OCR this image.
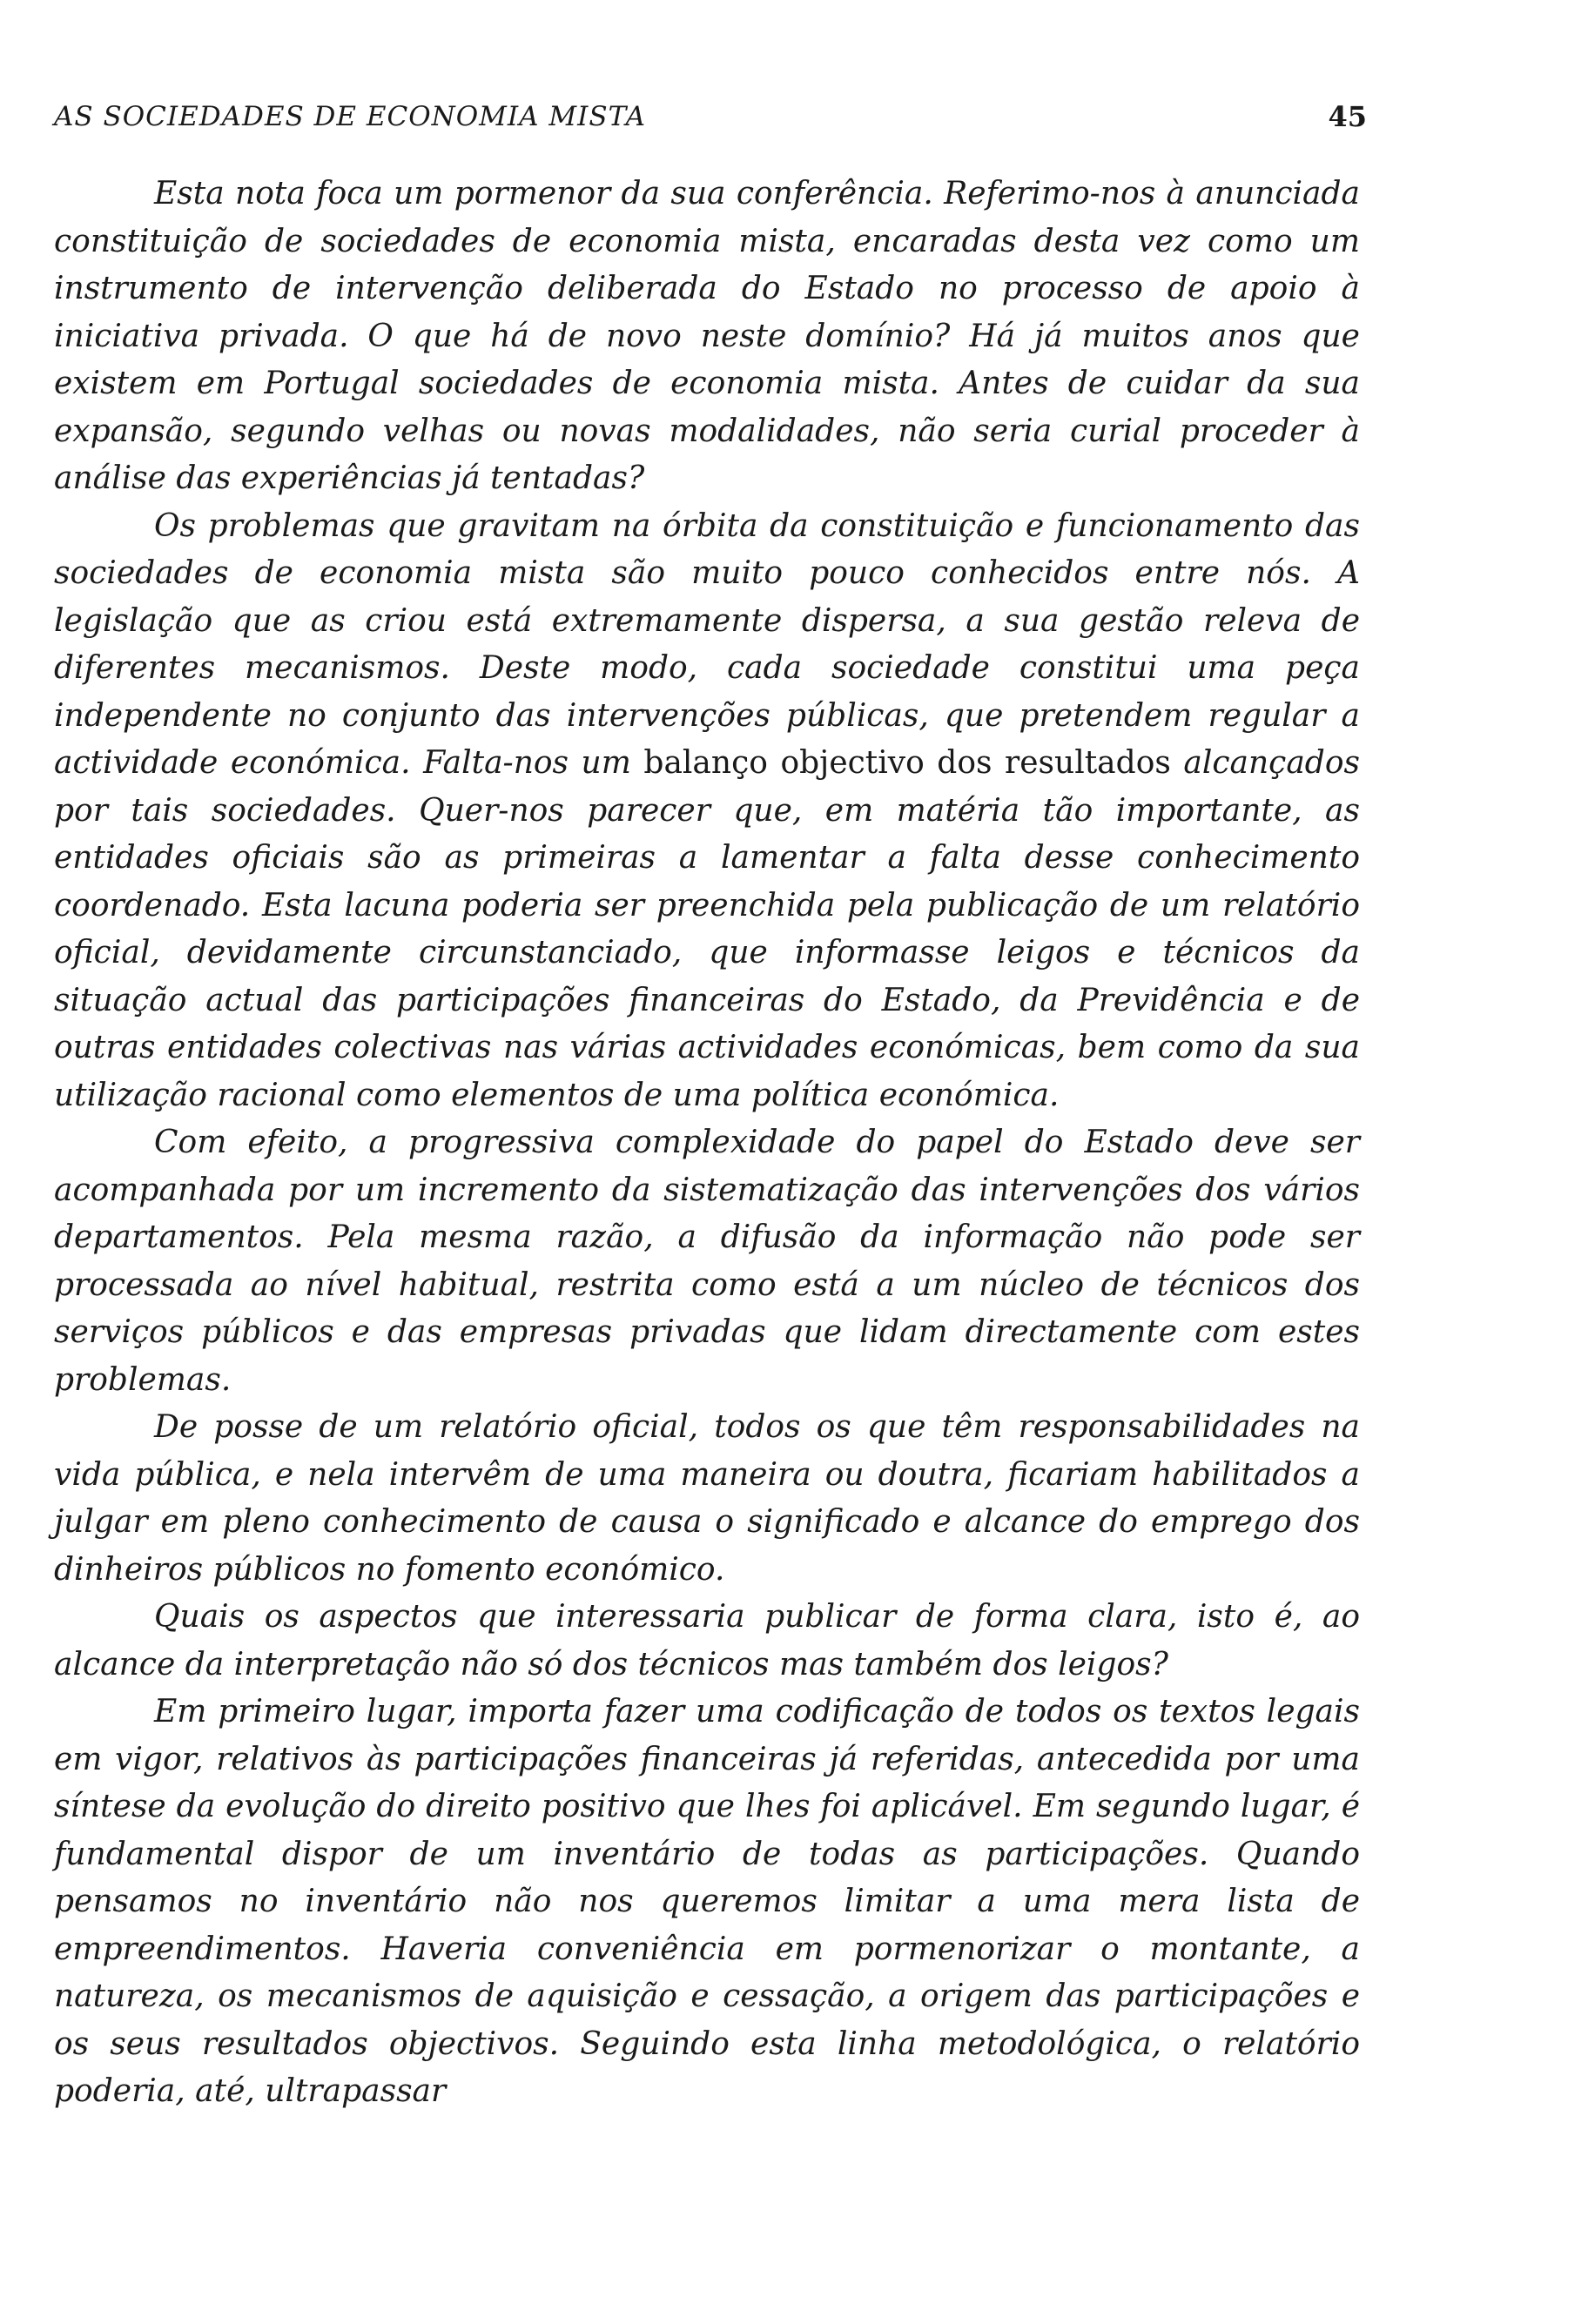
AS SOCIEDADES DE ECONOMIA MISTA	45

Esta nota foca um pormenor da sua conferência. Referimo-nos à anunciada constituição de sociedades de economia mista, encaradas desta vez como um instrumento de intervenção deliberada do Estado no processo de apoio à iniciativa privada. O que há de novo neste domínio? Há já muitos anos que existem em Portugal sociedades de economia mista. Antes de cuidar da sua expansão, segundo velhas ou novas modalidades, não seria curial proceder à análise das experiências já tentadas?

Os problemas que gravitam na órbita da constituição e funcionamento das sociedades de economia mista são muito pouco conhecidos entre nós. A legislação que as criou está extremamente dispersa, a sua gestão releva de diferentes mecanismos. Deste modo, cada sociedade constitui uma peça independente no conjunto das intervenções públicas, que pretendem regular a actividade económica. Falta-nos um balanço objectivo dos resultados alcançados por tais sociedades. Quer-nos parecer que, em matéria tão importante, as entidades oficiais são as primeiras a lamentar a falta desse conhecimento coordenado. Esta lacuna poderia ser preenchida pela publicação de um relatório oficial, devidamente circunstanciado, que informasse leigos e técnicos da situação actual das participações financeiras do Estado, da Previdência e de outras entidades colectivas nas várias actividades económicas, bem como da sua utilização racional como elementos de uma política económica.

Com efeito, a progressiva complexidade do papel do Estado deve ser acompanhada por um incremento da sistematização das intervenções dos vários departamentos. Pela mesma razão, a difusão da informação não pode ser processada ao nível habitual, restrita como está a um núcleo de técnicos dos serviços públicos e das empresas privadas que lidam directamente com estes problemas.

De posse de um relatório oficial, todos os que têm responsabilidades na vida pública, e nela intervêm de uma maneira ou doutra, ficariam habilitados a julgar em pleno conhecimento de causa o significado e alcance do emprego dos dinheiros públicos no fomento económico.

Quais os aspectos que interessaria publicar de forma clara, isto é, ao alcance da interpretação não só dos técnicos mas também dos leigos?

Em primeiro lugar, importa fazer uma codificação de todos os textos legais em vigor, relativos às participações financeiras já referidas, antecedida por uma síntese da evolução do direito positivo que lhes foi aplicável. Em segundo lugar, é fundamental dispor de um inventário de todas as participações. Quando pensamos no inventário não nos queremos limitar a uma mera lista de empreendimentos. Haveria conveniência em pormenorizar o montante, a natureza, os mecanismos de aquisição e cessação, a origem das participações e os seus resultados objectivos. Seguindo esta linha metodológica, o relatório poderia, até, ultrapassar
